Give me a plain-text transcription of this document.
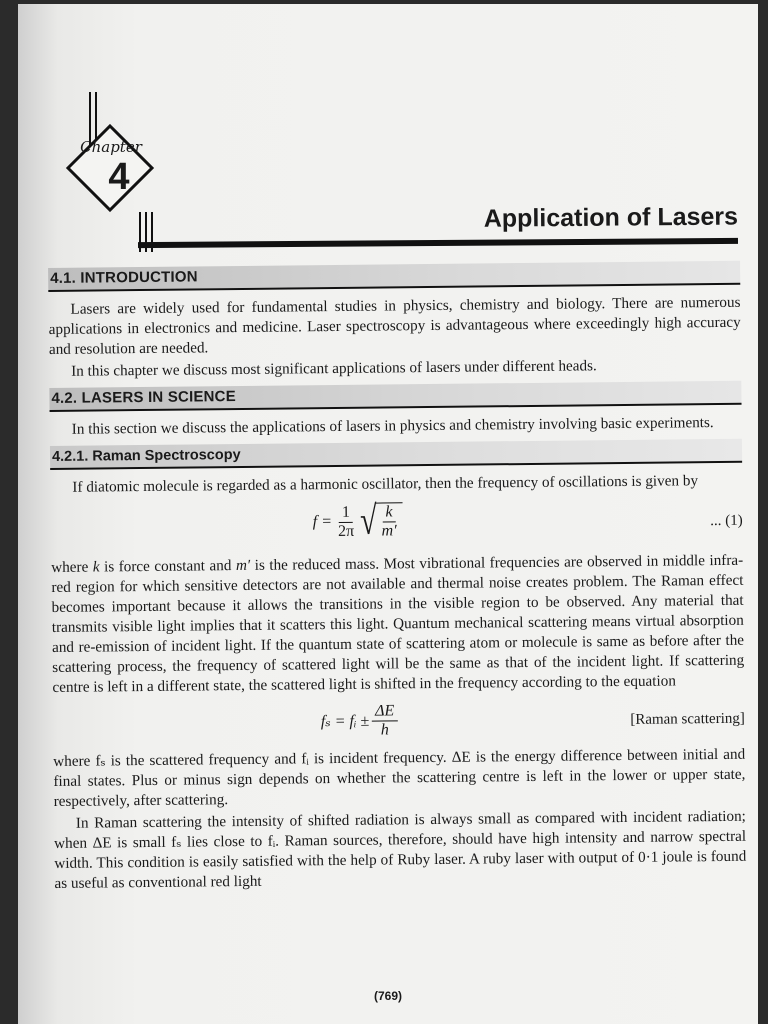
Chapter
4
Application of Lasers
4.1. INTRODUCTION

Lasers are widely used for fundamental studies in physics, chemistry and biology. There are numerous applications in electronics and medicine. Laser spectroscopy is advantageous where exceedingly high accuracy and resolution are needed.

In this chapter we discuss most significant applications of lasers under different heads.

4.2. LASERS IN SCIENCE

In this section we discuss the applications of lasers in physics and chemistry involving basic experiments.

4.2.1. Raman Spectroscopy

If diatomic molecule is regarded as a harmonic oscillator, then the frequency of oscillations is given by

$f = \frac{1}{2\pi}$ √ $\frac{k}{m'}$	... (1)

where k is force constant and m′ is the reduced mass. Most vibrational frequencies are observed in middle infra-red region for which sensitive detectors are not available and thermal noise creates problem. The Raman effect becomes important because it allows the transitions in the visible region to be observed. Any material that transmits visible light implies that it scatters this light. Quantum mechanical scattering means virtual absorption and re-emission of incident light. If the quantum state of scattering atom or molecule is same as before after the scattering process, the frequency of scattered light will be the same as that of the incident light. If scattering centre is left in a different state, the scattered light is shifted in the frequency according to the equation

fₛ = fᵢ ± $\frac{\Delta E}{h}$	[Raman scattering]

where fₛ is the scattered frequency and fᵢ is incident frequency. ΔE is the energy difference between initial and final states. Plus or minus sign depends on whether the scattering centre is left in the lower or upper state, respectively, after scattering.

In Raman scattering the intensity of shifted radiation is always small as compared with incident radiation; when ΔE is small fₛ lies close to fᵢ. Raman sources, therefore, should have high intensity and narrow spectral width. This condition is easily satisfied with the help of Ruby laser. A ruby laser with output of 0·1 joule is found as useful as conventional red light

(769)
